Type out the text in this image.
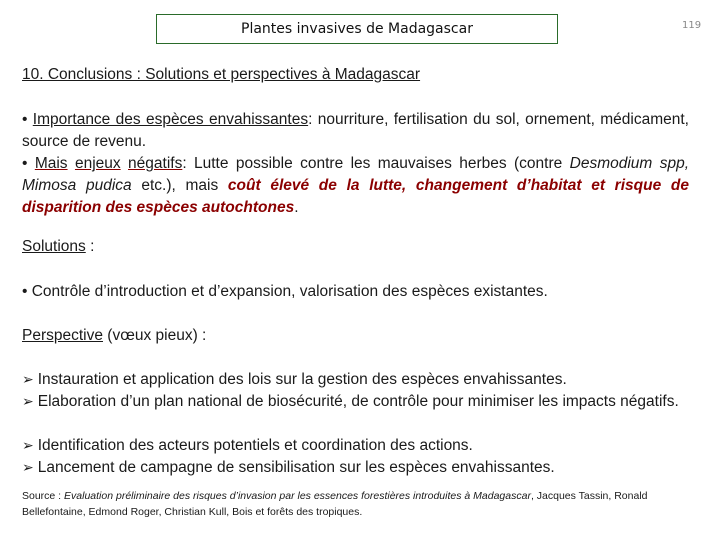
Plantes invasives de Madagascar	119
10. Conclusions : Solutions et perspectives à Madagascar

• Importance des espèces envahissantes: nourriture, fertilisation du sol, ornement, médicament, source de revenu.

• Mais enjeux négatifs: Lutte possible contre les mauvaises herbes (contre Desmodium spp, Mimosa pudica etc.), mais coût élevé de la lutte, changement d’habitat et risque de disparition des espèces autochtones.

Solutions :

• Contrôle d’introduction et d’expansion, valorisation des espèces existantes.

Perspective (vœux pieux) :

➢ Instauration et application des lois sur la gestion des espèces envahissantes.

➢ Elaboration d’un plan national de biosécurité, de contrôle pour minimiser les impacts négatifs.

➢ Identification des acteurs potentiels et coordination des actions.

➢ Lancement de campagne de sensibilisation sur les espèces envahissantes.

Source : Evaluation préliminaire des risques d’invasion par les essences forestières introduites à Madagascar, Jacques Tassin, Ronald Bellefontaine, Edmond Roger, Christian Kull, Bois et forêts des tropiques.
